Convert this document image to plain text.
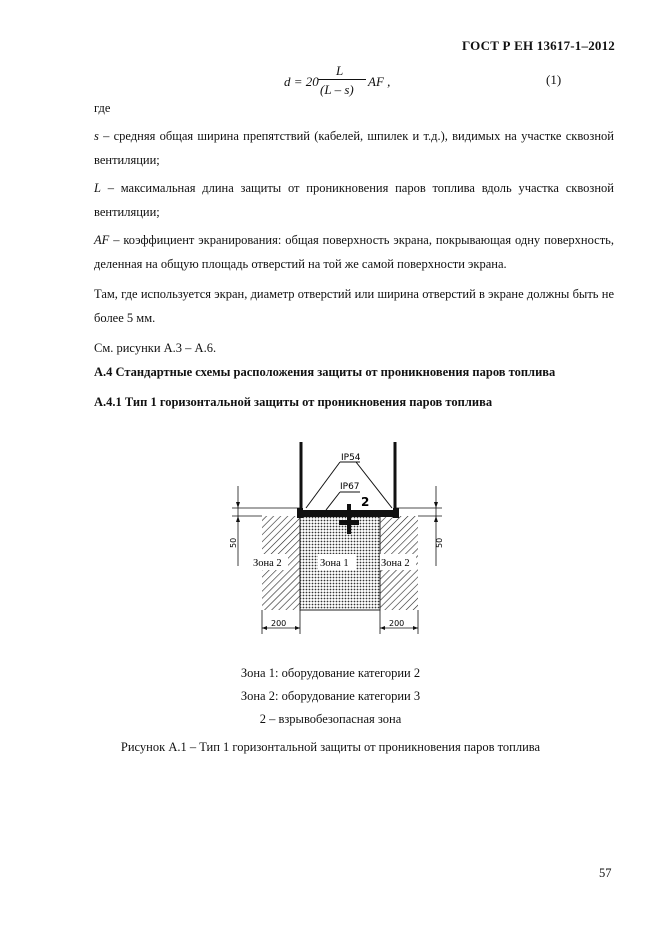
ГОСТ Р ЕН 13617-1–2012
d = 20
L
(L – s)
AF ,	(1)
где
s – средняя общая ширина препятствий (кабелей, шпилек и т.д.), видимых на участке сквозной вентиляции;
L – максимальная длина защиты от проникновения паров топлива вдоль участка сквозной вентиляции;
AF – коэффициент экранирования: общая поверхность экрана, покрывающая одну поверхность, деленная на общую площадь отверстий на той же самой поверхности экрана.
Там, где используется экран, диаметр отверстий или ширина отверстий в экране должны быть не более 5 мм.
См. рисунки А.3 – А.6.
А.4 Стандартные схемы расположения защиты от проникновения паров топлива
А.4.1 Тип 1 горизонтальной защиты от проникновения паров топлива
IP54
IP67
2
Зона 1
Зона 2	Зона 2
50	50
200	200
Зона 1: оборудование категории 2
Зона 2: оборудование категории 3
2 – взрывобезопасная зона
Рисунок А.1 – Тип 1 горизонтальной защиты от проникновения паров топлива
57
